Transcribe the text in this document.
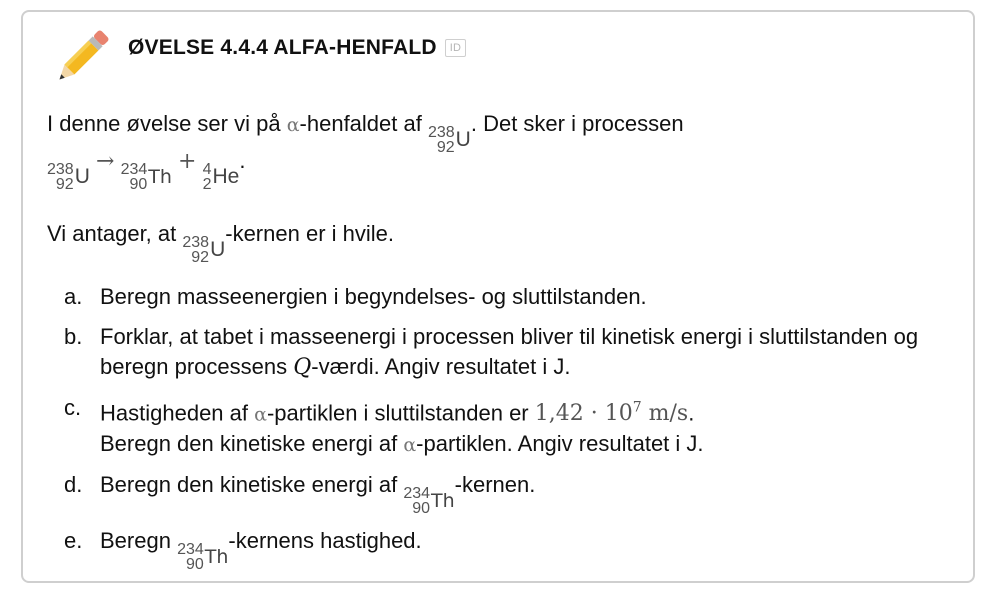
ØVELSE 4.4.4 ALFA-HENFALD ID
I denne øvelse ser vi på α-henfaldet af 238
92 U
. Det sker i processen
238
92 U
→ 234
90 Th
+ 4
2 He
.
Vi antager, at 238
92 U
-kernen er i hvile.
a. Beregn masseenergien i begyndelses- og sluttilstanden.
b. Forklar, at tabet i masseenergi i processen bliver til kinetisk energi i sluttilstanden og beregn processens Q-værdi. Angiv resultatet i J.
c. Hastigheden af α-partiklen i sluttilstanden er $1,42 \cdot 10^7$ m/s.
Beregn den kinetiske energi af α-partiklen. Angiv resultatet i J.
d. Beregn den kinetiske energi af 234
90 Th
-kernen.
e. Beregn 234
90 Th
-kernens hastighed.
